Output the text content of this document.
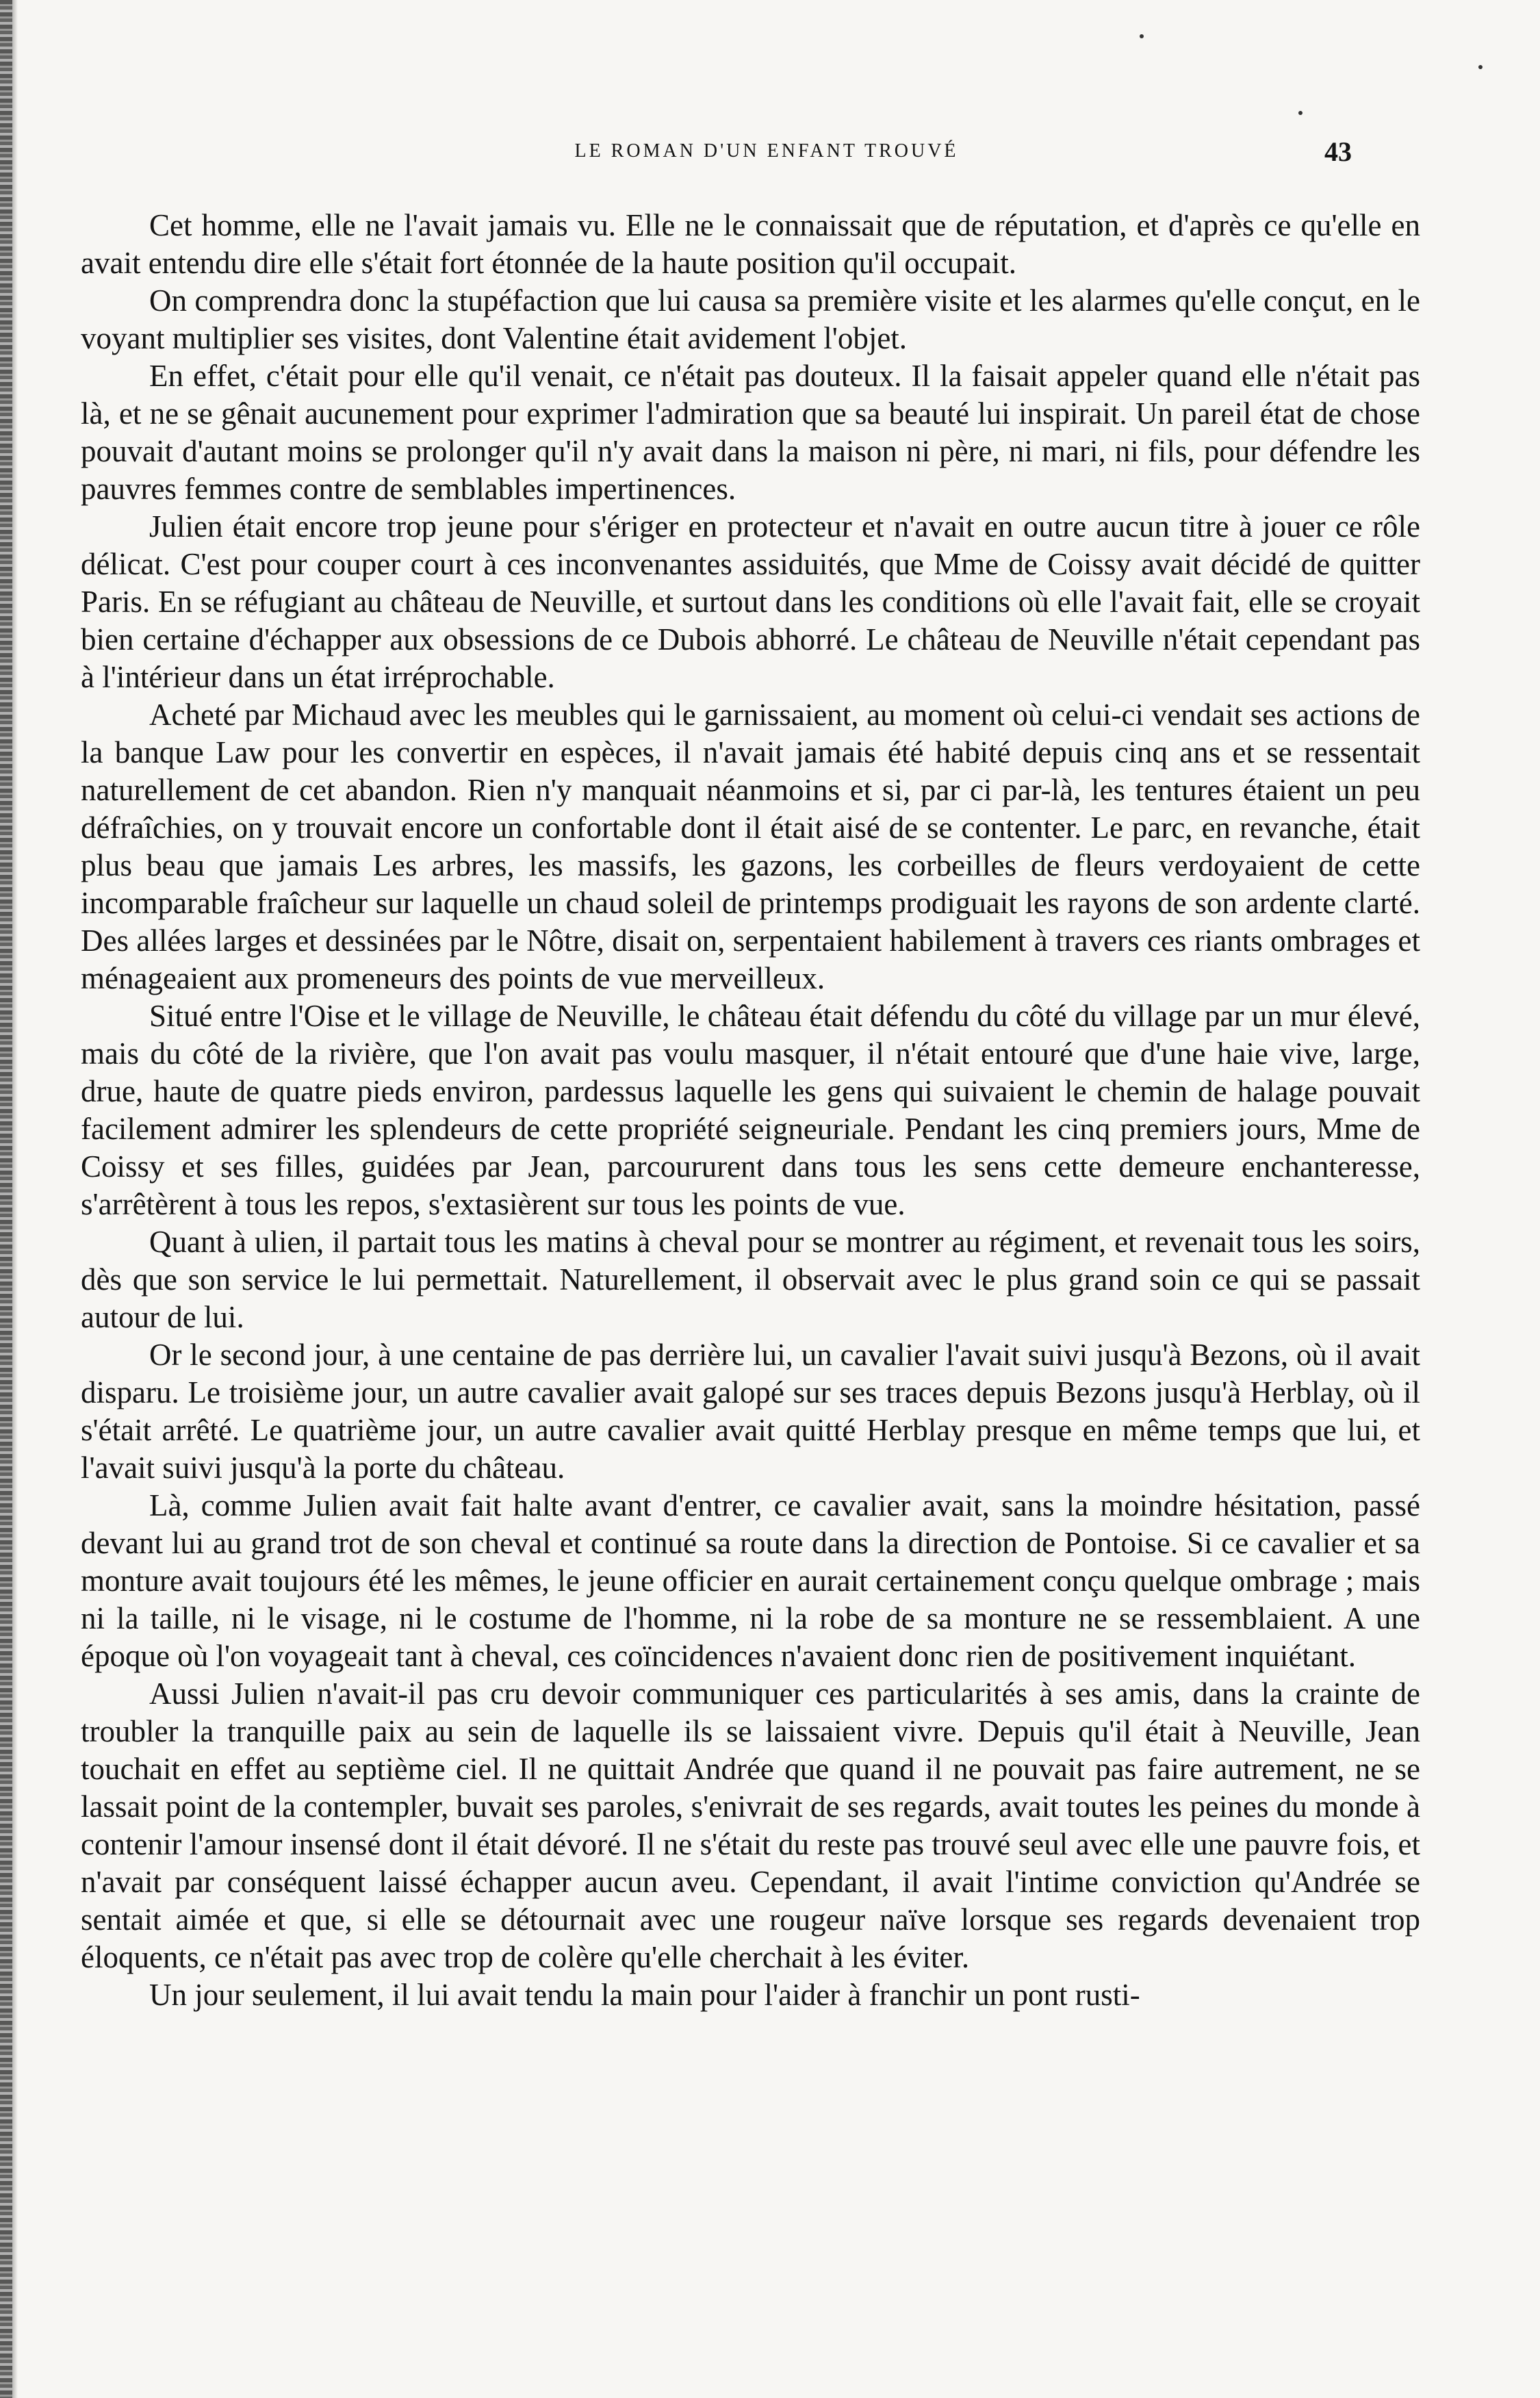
LE ROMAN D'UN ENFANT TROUVÉ	43

Cet homme, elle ne l'avait jamais vu. Elle ne le connaissait que de réputation, et d'après ce qu'elle en avait entendu dire elle s'était fort étonnée de la haute position qu'il occupait.

On comprendra donc la stupéfaction que lui causa sa première visite et les alarmes qu'elle conçut, en le voyant multiplier ses visites, dont Valentine était avidement l'objet.

En effet, c'était pour elle qu'il venait, ce n'était pas douteux. Il la faisait appeler quand elle n'était pas là, et ne se gênait aucunement pour exprimer l'admiration que sa beauté lui inspirait. Un pareil état de chose pouvait d'autant moins se prolonger qu'il n'y avait dans la maison ni père, ni mari, ni fils, pour défendre les pauvres femmes contre de semblables impertinences.

Julien était encore trop jeune pour s'ériger en protecteur et n'avait en outre aucun titre à jouer ce rôle délicat. C'est pour couper court à ces inconvenantes assiduités, que Mme de Coissy avait décidé de quitter Paris. En se réfugiant au château de Neuville, et surtout dans les conditions où elle l'avait fait, elle se croyait bien certaine d'échapper aux obsessions de ce Dubois abhorré. Le château de Neuville n'était cependant pas à l'intérieur dans un état irréprochable.

Acheté par Michaud avec les meubles qui le garnissaient, au moment où celui-ci vendait ses actions de la banque Law pour les convertir en espèces, il n'avait jamais été habité depuis cinq ans et se ressentait naturellement de cet abandon. Rien n'y manquait néanmoins et si, par ci par-là, les tentures étaient un peu défraîchies, on y trouvait encore un confortable dont il était aisé de se contenter. Le parc, en revanche, était plus beau que jamais Les arbres, les massifs, les gazons, les corbeilles de fleurs verdoyaient de cette incomparable fraîcheur sur laquelle un chaud soleil de printemps prodiguait les rayons de son ardente clarté. Des allées larges et dessinées par le Nôtre, disait on, serpentaient habilement à travers ces riants ombrages et ménageaient aux promeneurs des points de vue merveilleux.

Situé entre l'Oise et le village de Neuville, le château était défendu du côté du village par un mur élevé, mais du côté de la rivière, que l'on avait pas voulu masquer, il n'était entouré que d'une haie vive, large, drue, haute de quatre pieds environ, pardessus laquelle les gens qui suivaient le chemin de halage pouvait facilement admirer les splendeurs de cette propriété seigneuriale. Pendant les cinq premiers jours, Mme de Coissy et ses filles, guidées par Jean, parcoururent dans tous les sens cette demeure enchanteresse, s'arrêtèrent à tous les repos, s'extasièrent sur tous les points de vue.

Quant à ulien, il partait tous les matins à cheval pour se montrer au régiment, et revenait tous les soirs, dès que son service le lui permettait. Naturellement, il observait avec le plus grand soin ce qui se passait autour de lui.

Or le second jour, à une centaine de pas derrière lui, un cavalier l'avait suivi jusqu'à Bezons, où il avait disparu. Le troisième jour, un autre cavalier avait galopé sur ses traces depuis Bezons jusqu'à Herblay, où il s'était arrêté. Le quatrième jour, un autre cavalier avait quitté Herblay presque en même temps que lui, et l'avait suivi jusqu'à la porte du château.

Là, comme Julien avait fait halte avant d'entrer, ce cavalier avait, sans la moindre hésitation, passé devant lui au grand trot de son cheval et continué sa route dans la direction de Pontoise. Si ce cavalier et sa monture avait toujours été les mêmes, le jeune officier en aurait certainement conçu quelque ombrage ; mais ni la taille, ni le visage, ni le costume de l'homme, ni la robe de sa monture ne se ressemblaient. A une époque où l'on voyageait tant à cheval, ces coïncidences n'avaient donc rien de positivement inquiétant.

Aussi Julien n'avait-il pas cru devoir communiquer ces particularités à ses amis, dans la crainte de troubler la tranquille paix au sein de laquelle ils se laissaient vivre. Depuis qu'il était à Neuville, Jean touchait en effet au septième ciel. Il ne quittait Andrée que quand il ne pouvait pas faire autrement, ne se lassait point de la contempler, buvait ses paroles, s'enivrait de ses regards, avait toutes les peines du monde à contenir l'amour insensé dont il était dévoré. Il ne s'était du reste pas trouvé seul avec elle une pauvre fois, et n'avait par conséquent laissé échapper aucun aveu. Cependant, il avait l'intime conviction qu'Andrée se sentait aimée et que, si elle se détournait avec une rougeur naïve lorsque ses regards devenaient trop éloquents, ce n'était pas avec trop de colère qu'elle cherchait à les éviter.

Un jour seulement, il lui avait tendu la main pour l'aider à franchir un pont rusti-
